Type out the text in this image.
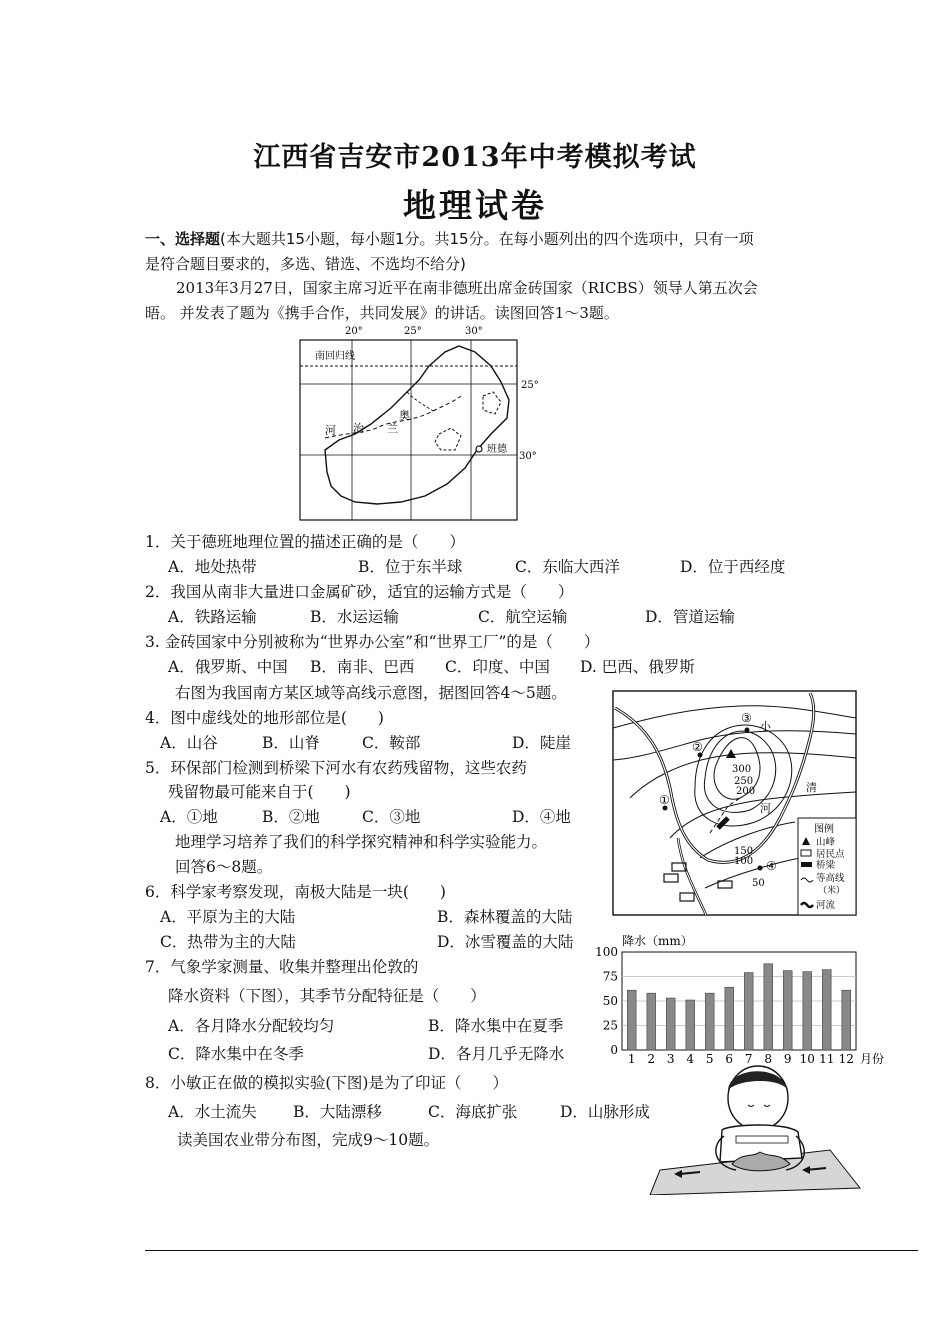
江西省吉安市2013年中考模拟考试
地理试卷
一、选择题(本大题共15小题，每小题1分。共15分。在每小题列出的四个选项中，只有一项
是符合题目要求的，多选、错选、不选均不给分)
2013年3月27日，国家主席习近平在南非德班出席金砖国家（RICBS）领导人第五次会
晤。 并发表了题为《携手合作，共同发展》的讲话。读图回答1～3题。
南回归线
20°	25°	30°
25°
30°
河 治 兰
奥
班德
1．关于德班地理位置的描述正确的是（　　）
A．地处热带	B．位于东半球	C．东临大西洋	D．位于西经度
2．我国从南非大量进口金属矿砂，适宜的运输方式是（　　）
A．铁路运输	B．水运运输	C．航空运输	D．管道运输
3. 金砖国家中分别被称为“世界办公室”和“世界工厂”的是（　　）
A．俄罗斯、中国 B．南非、巴西 C．印度、中国 D. 巴西、俄罗斯
右图为我国南方某区域等高线示意图，据图回答4～5题。
4．图中虚线处的地形部位是(　　)
A．山谷	B．山脊	C．鞍部	D．陡崖
5．环保部门检测到桥梁下河水有农药残留物，这些农药
残留物最可能来自于(　　)
A．①地	B．②地	C．③地	D．④地
地理学习培养了我们的科学探究精神和科学实验能力。
回答6～8题。
6．科学家考察发现，南极大陆是一块(　　)
A．平原为主的大陆	B．森林覆盖的大陆
C．热带为主的大陆	D．冰雪覆盖的大陆
7．气象学家测量、收集并整理出伦敦的
降水资料（下图），其季节分配特征是（　　）
A．各月降水分配较均匀	B．降水集中在夏季
C．降水集中在冬季	D．各月几乎无降水
8．小敏正在做的模拟实验(下图)是为了印证（　　）
A．水土流失 B．大陆漂移	C．海底扩张	D．山脉形成
读美国农业带分布图，完成9～10题。
①
②
③
④
300
250
200
150
100
50
小
清
河
图例
山峰
居民点
桥梁
等高线
（米）
河流
降水（mm）
100
75
50
25
0
1 2 3 4 5 6 7 8 9 10 11 12 月份
